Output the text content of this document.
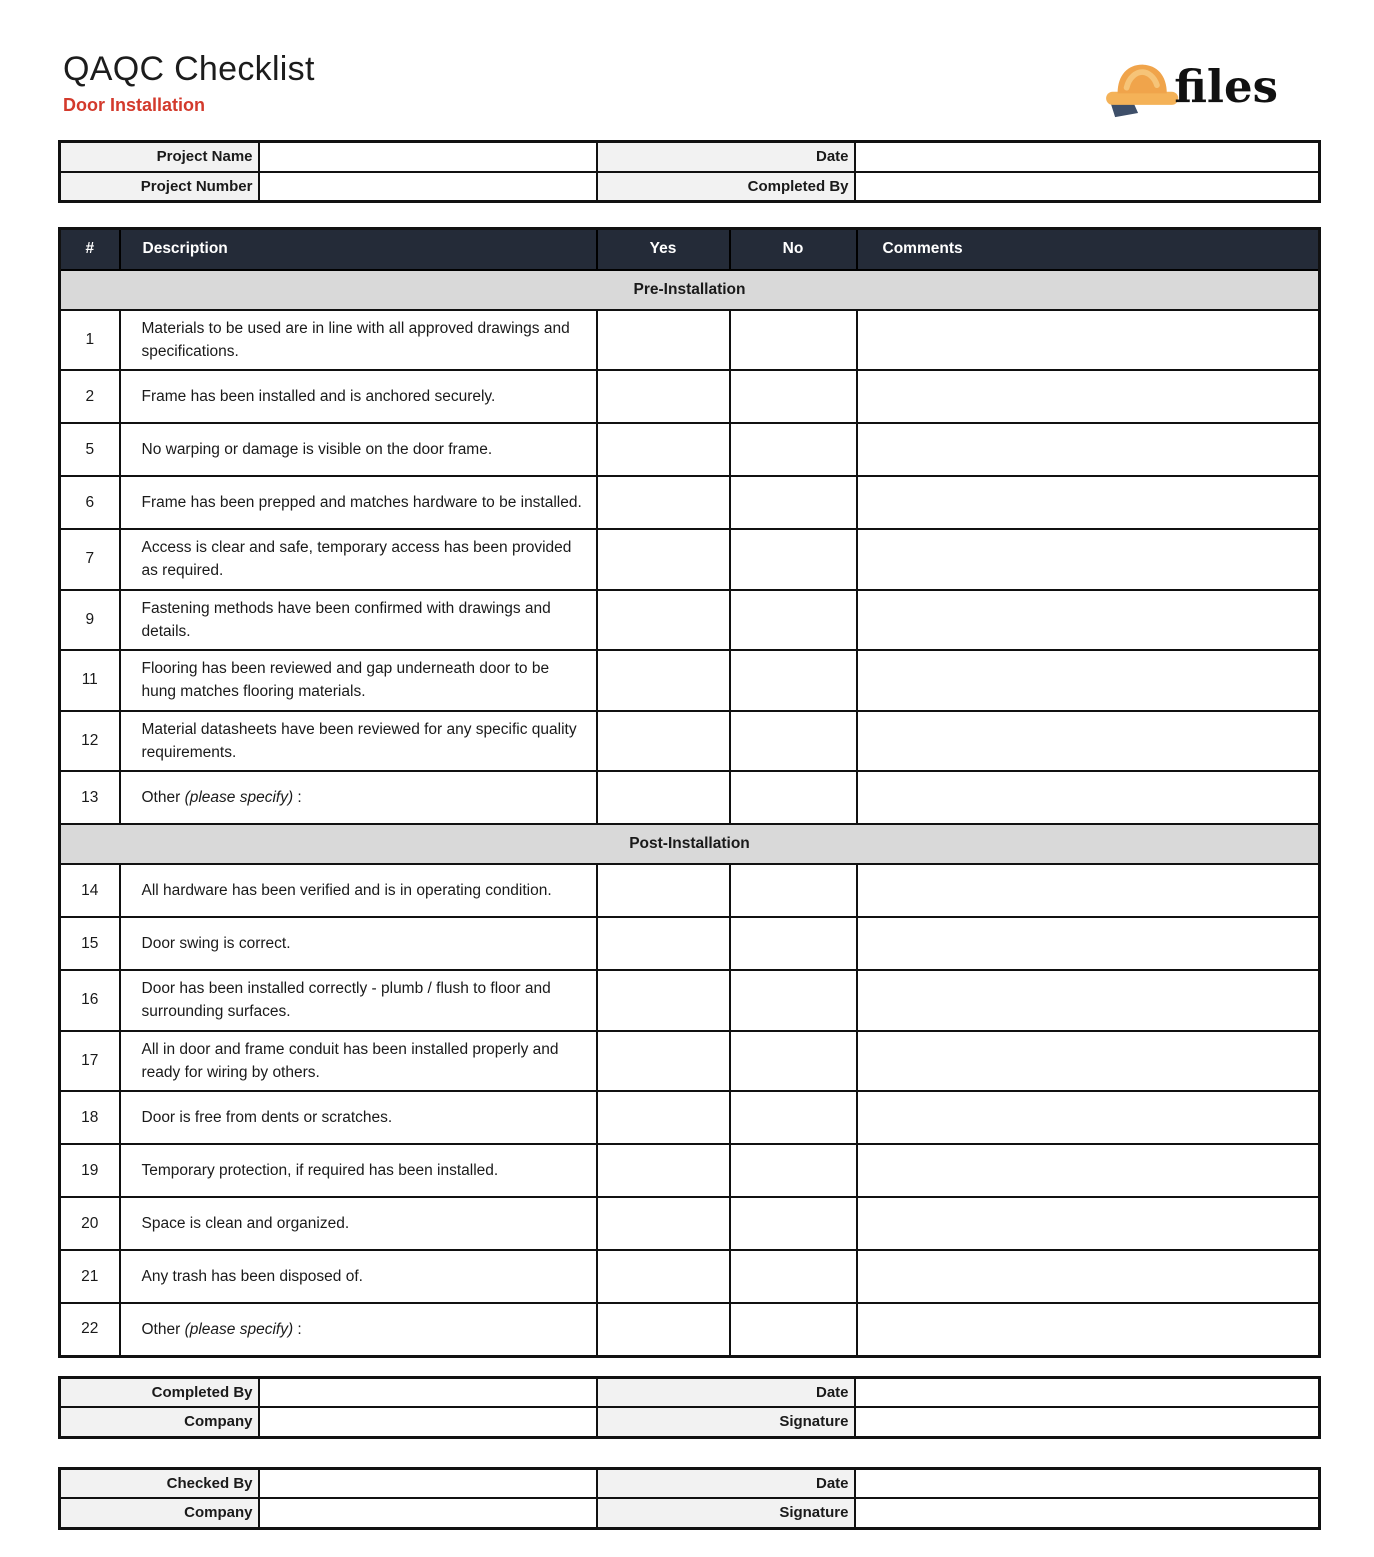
QAQC Checklist
Door Installation	files
Project Name		Date	
Project Number		Completed By	
#	Description	Yes	No	Comments
Pre-Installation				
1	Materials to be used are in line with all approved drawings and specifications.			
2	Frame has been installed and is anchored securely.			
5	No warping or damage is visible on the door frame.			
6	Frame has been prepped and matches hardware to be installed.			
7	Access is clear and safe, temporary access has been provided as required.			
9	Fastening methods have been confirmed with drawings and details.			
11	Flooring has been reviewed and gap underneath door to be hung matches flooring materials.			
12	Material datasheets have been reviewed for any specific quality requirements.			
13	Other (please specify) :			
Post-Installation				
14	All hardware has been verified and is in operating condition.			
15	Door swing is correct.			
16	Door has been installed correctly - plumb / flush to floor and surrounding surfaces.			
17	All in door and frame conduit has been installed properly and ready for wiring by others.			
18	Door is free from dents or scratches.			
19	Temporary protection, if required has been installed.			
20	Space is clean and organized.			
21	Any trash has been disposed of.			
22	Other (please specify) :			
Completed By		Date	
Company		Signature	
Checked By		Date	
Company		Signature	
